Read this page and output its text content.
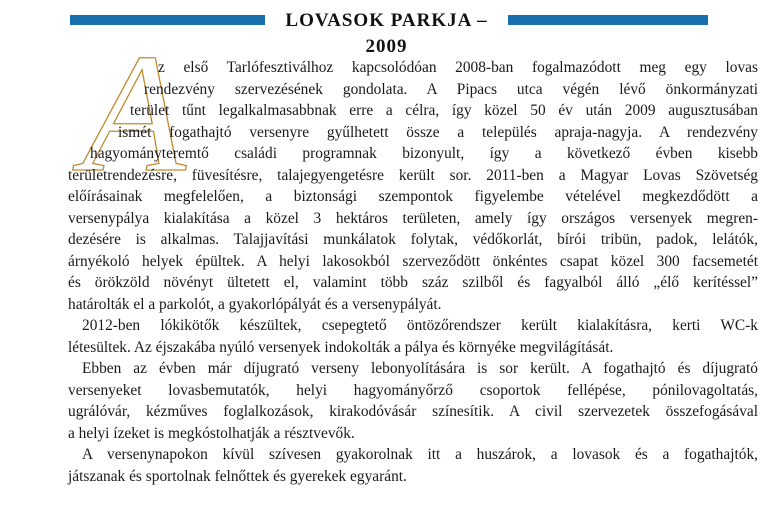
LOVASOK PARKJA – 2009
A
z első Tarlófesztiválhoz kapcsolódóan 2008-ban fogalmazódott meg egy lovas
rendezvény szervezésének gondolata. A Pipacs utca végén lévő önkormányzati
terület tűnt legalkalmasabbnak erre a célra, így közel 50 év után 2009 augusztusában
ismét fogathajtó versenyre gyűlhetett össze a település apraja-nagyja. A rendezvény
hagyományteremtő családi programnak bizonyult, így a következő évben kisebb
területrendezésre, füvesítésre, talajegyengetésre került sor. 2011-ben a Magyar Lovas Szövetség
előírásainak megfelelően, a biztonsági szempontok figyelembe vételével megkezdődött a
versenypálya kialakítása a közel 3 hektáros területen, amely így országos versenyek megren-
dezésére is alkalmas. Talajjavítási munkálatok folytak, védőkorlát, bírói tribün, padok, lelátók,
árnyékoló helyek épültek. A helyi lakosokból szerveződött önkéntes csapat közel 300 facsemetét
és örökzöld növényt ültetett el, valamint több száz szilből és fagyalból álló „élő kerítéssel”
határolták el a parkolót, a gyakorlópályát és a versenypályát.
2012-ben lókikötők készültek, csepegtető öntözőrendszer került kialakításra, kerti WC-k
létesültek. Az éjszakába nyúló versenyek indokolták a pálya és környéke megvilágítását.
Ebben az évben már díjugrató verseny lebonyolítására is sor került. A fogathajtó és díjugrató
versenyeket lovasbemutatók, helyi hagyományőrző csoportok fellépése, pónilovagoltatás,
ugrálóvár, kézműves foglalkozások, kirakodóvásár színesítik. A civil szervezetek összefogásával
a helyi ízeket is megkóstolhatják a résztvevők.
A versenynapokon kívül szívesen gyakorolnak itt a huszárok, a lovasok és a fogathajtók,
játszanak és sportolnak felnőttek és gyerekek egyaránt.
